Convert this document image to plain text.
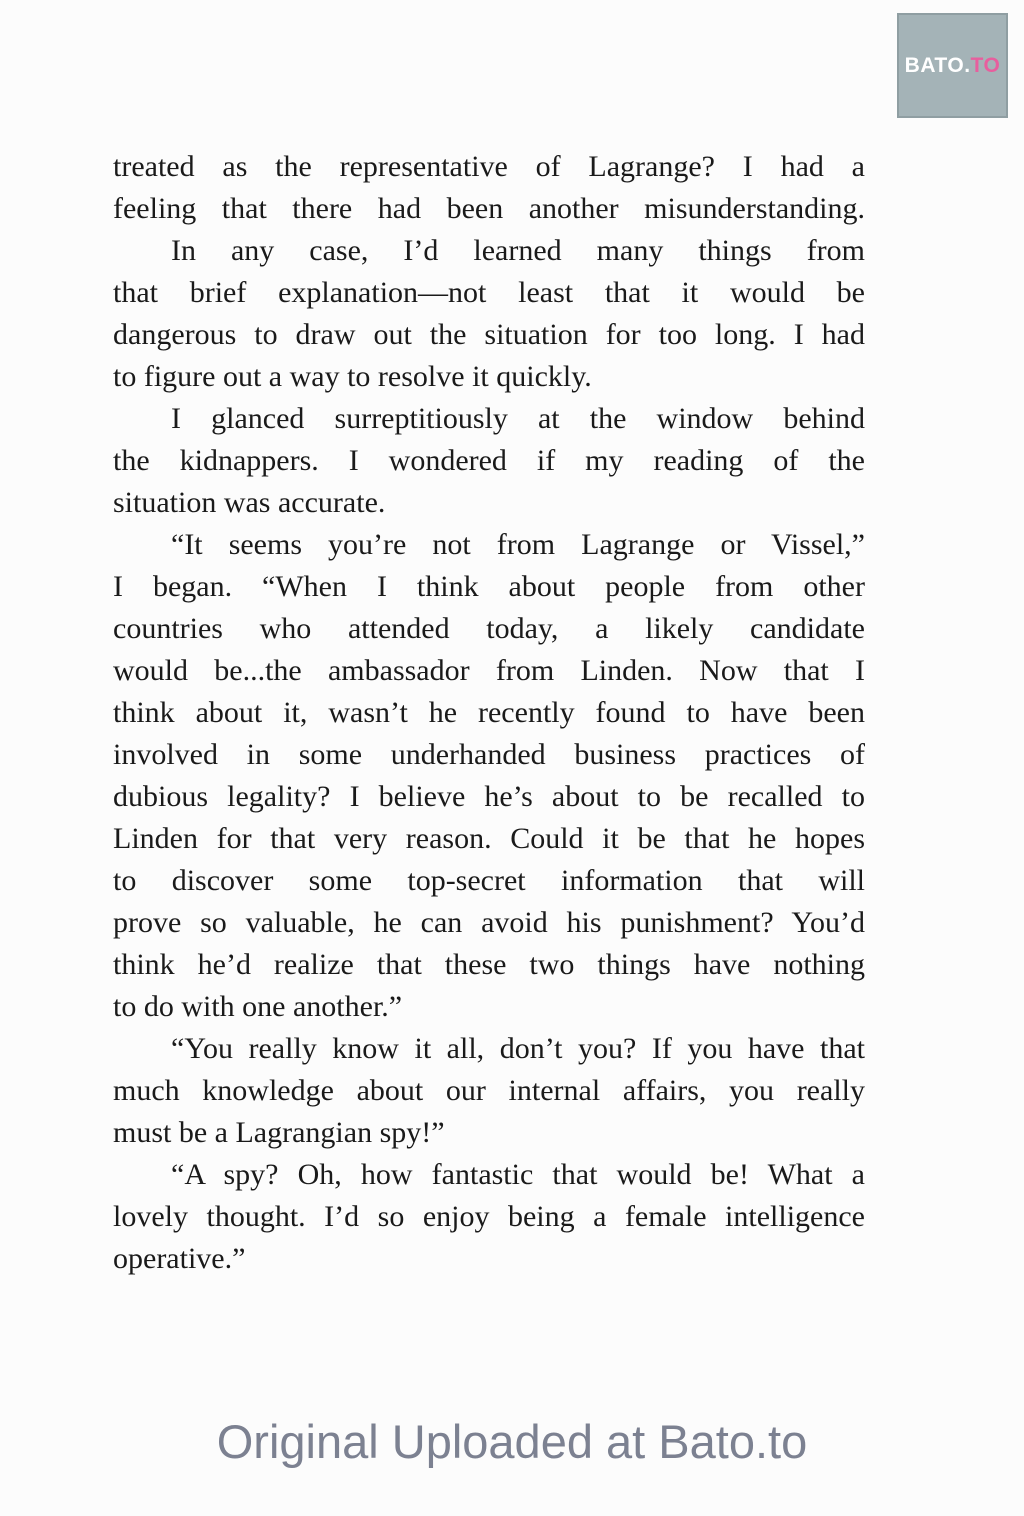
BATO. TO
treated as the representative of Lagrange? I had a
feeling that there had been another misunderstanding.
In any case, I’d learned many things from
that brief explanation—not least that it would be
dangerous to draw out the situation for too long. I had
to figure out a way to resolve it quickly.
I glanced surreptitiously at the window behind
the kidnappers. I wondered if my reading of the
situation was accurate.
“It seems you’re not from Lagrange or Vissel,”
I began. “When I think about people from other
countries who attended today, a likely candidate
would be...the ambassador from Linden. Now that I
think about it, wasn’t he recently found to have been
involved in some underhanded business practices of
dubious legality? I believe he’s about to be recalled to
Linden for that very reason. Could it be that he hopes
to discover some top-secret information that will
prove so valuable, he can avoid his punishment? You’d
think he’d realize that these two things have nothing
to do with one another.”
“You really know it all, don’t you? If you have that
much knowledge about our internal affairs, you really
must be a Lagrangian spy!”
“A spy? Oh, how fantastic that would be! What a
lovely thought. I’d so enjoy being a female intelligence
operative.”
Original Uploaded at Bato.to
